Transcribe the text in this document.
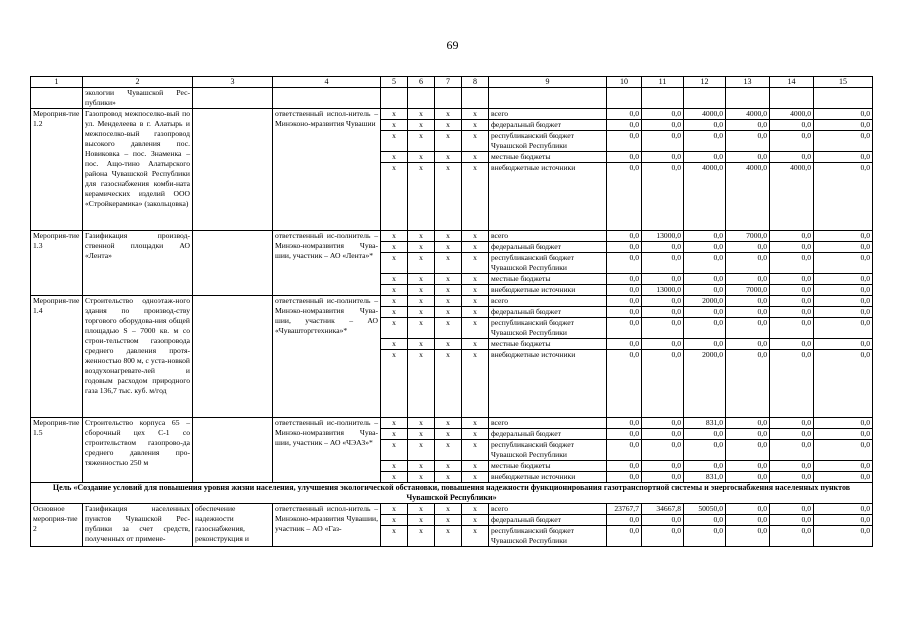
69
1	2	3	4	5	6	7	8	9	10	11	12	13	14	15
	экологии Чувашской Рес-публики»													
Мероприя-тие 1.2	Газопровод межпоселко-вый по ул. Менделеева в г. Алатырь и межпоселко-вый газопровод высокого давления пос. Новиковка – пос. Знаменка – пос. Ащо-тино Алатырского района Чувашской Республики для газоснабжения комби-ната керамических изделий ООО «Стройкерамика» (закольцовка)		ответственный испол-нитель – Минэконо-мразвития Чувашии	x	x	x	x	всего	0,0	0,0	4000,0	4000,0	4000,0	0,0
				x	x	x	x	федеральный бюджет	0,0	0,0	0,0	0,0	0,0	0,0
				x	x	x	x	республиканский бюджет Чувашской Республики	0,0	0,0	0,0	0,0	0,0	0,0
				x	x	x	x	местные бюджеты	0,0	0,0	0,0	0,0	0,0	0,0
				x	x	x	x	внебюджетные источники	0,0	0,0	4000,0	4000,0	4000,0	0,0
Мероприя-тие 1.3	Газификация производ-ственной площадки АО «Лента»		ответственный ис-полнитель – Минэко-номразвития Чува-шии, участник – АО «Лента»*	x	x	x	x	всего	0,0	13000,0	0,0	7000,0	0,0	0,0
				x	x	x	x	федеральный бюджет	0,0	0,0	0,0	0,0	0,0	0,0
				x	x	x	x	республиканский бюджет Чувашской Республики	0,0	0,0	0,0	0,0	0,0	0,0
				x	x	x	x	местные бюджеты	0,0	0,0	0,0	0,0	0,0	0,0
				x	x	x	x	внебюджетные источники	0,0	13000,0	0,0	7000,0	0,0	0,0
Мероприя-тие 1.4	Строительство одноэтаж-ного здания по производ-ству торгового оборудова-ния общей площадью S – 7000 кв. м со строи-тельством газопровода среднего давления протя-женностью 800 м, с уста-новкой воздухонагревате-лей и годовым расходом природного газа 136,7 тыс. куб. м/год		ответственный ис-полнитель – Минэко-номразвития Чува-шии, участник – АО «Чувашторгтехника»*	x	x	x	x	всего	0,0	0,0	2000,0	0,0	0,0	0,0
				x	x	x	x	федеральный бюджет	0,0	0,0	0,0	0,0	0,0	0,0
				x	x	x	x	республиканский бюджет Чувашской Республики	0,0	0,0	0,0	0,0	0,0	0,0
				x	x	x	x	местные бюджеты	0,0	0,0	0,0	0,0	0,0	0,0
				x	x	x	x	внебюджетные источники	0,0	0,0	2000,0	0,0	0,0	0,0
Мероприя-тие 1.5	Строительство корпуса 65 – сборочный цех С-1 со строительством газопрово-да среднего давления про-тяженностью 250 м		ответственный ис-полнитель – Минэко-номразвития Чува-шии, участник – АО «ЧЭАЗ»*	x	x	x	x	всего	0,0	0,0	831,0	0,0	0,0	0,0
				x	x	x	x	федеральный бюджет	0,0	0,0	0,0	0,0	0,0	0,0
				x	x	x	x	республиканский бюджет Чувашской Республики	0,0	0,0	0,0	0,0	0,0	0,0
				x	x	x	x	местные бюджеты	0,0	0,0	0,0	0,0	0,0	0,0
				x	x	x	x	внебюджетные источники	0,0	0,0	831,0	0,0	0,0	0,0
Цель «Создание условий для повышения уровня жизни населения, улучшения экологической обстановки, повышения надежности функционирования газотранспортной системы и энергоснабжения населенных пунктов Чувашской Республики»														
Основное мероприя-тие 2	Газификация населенных пунктов Чувашской Рес-публики за счет средств, полученных от примене-	обеспечение надежности газоснабжения, реконструкция и	ответственный испол-нитель – Минэконо-мразвития Чувашии, участник – АО «Газ-	x	x	x	x	всего	23767,7	34667,8	50050,0	0,0	0,0	0,0
				x	x	x	x	федеральный бюджет	0,0	0,0	0,0	0,0	0,0	0,0
				x	x	x	x	республиканский бюджет Чувашской Республики	0,0	0,0	0,0	0,0	0,0	0,0
